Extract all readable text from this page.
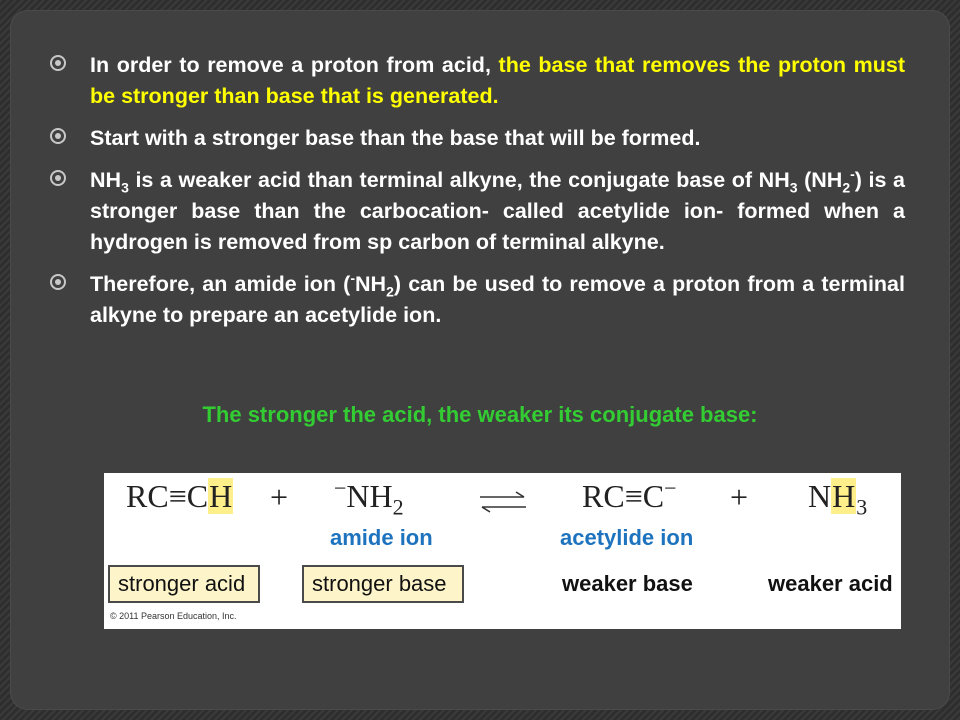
In order to remove a proton from acid, the base that removes the proton must be stronger than base that is generated.

Start with a stronger base than the base that will be formed.

$NH_3$ is a weaker acid than terminal alkyne, the conjugate base of $NH_3$ $(NH_2^-)$ is a stronger base than the carbocation- called acetylide ion- formed when a hydrogen is removed from sp carbon of terminal alkyne.

Therefore, an amide ion $(^-NH_2)$ can be used to remove a proton from a terminal alkyne to prepare an acetylide ion.

The stronger the acid, the weaker its conjugate base:
$RC\equiv CH + ^-NH_2$	$RC\equiv C^- + NH_3$
amide ion	acetylide ion
stronger acid	stronger base	weaker base	weaker acid
© 2011 Pearson Education, Inc.
